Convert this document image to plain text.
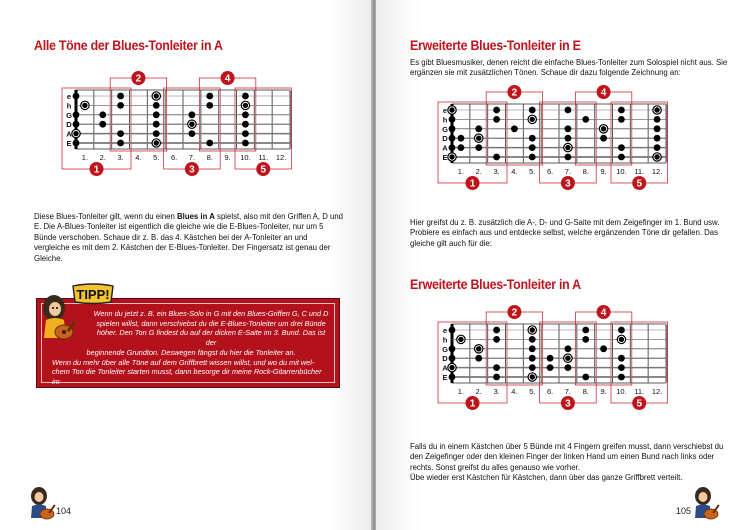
Alle Töne der Blues-Tonleiter in A
1
2
3
4
5
e
h
G
D
A
E
1. 2. 3. 4. 5. 6. 7. 8. 9. 10. 11. 12.

Diese Blues-Tonleiter gilt, wenn du einen Blues in A spielst, also mit den Griffen A, D und E. Die A-Blues-Tonleiter ist eigentlich die gleiche wie die E-Blues-Tonleiter, nur um 5 Bünde verschoben. Schaue dir z. B. das 4. Kästchen bei der A-Tonleiter an und vergleiche es mit dem 2. Kästchen der E-Blues-Tonleiter. Der Fingersatz ist genau der Gleiche.

Wenn du jetzt z. B. ein Blues-Solo in G mit den Blues-Griffen G, C und D
spielen willst, dann verschiebst du die E-Blues-Tonleiter um drei Bünde
höher. Den Ton G findest du auf der dicken E-Saite im 3. Bund. Das ist der
beginnende Grundton. Deswegen fängst du hier die Tonleiter an.
Wenn du mehr über alle Töne auf dem Griffbrett wissen willst, und wo du mit wel-
chem Ton die Tonleiter starten musst, dann besorge dir meine Rock-Gitarrenbücher im
Voggenreiter Verlag.

TIPP!
104
Erweiterte Blues-Tonleiter in E

Es gibt Bluesmusiker, denen reicht die einfache Blues-Tonleiter zum Solospiel nicht aus. Sie ergänzen sie mit zusätzlichen Tönen. Schaue dir dazu folgende Zeichnung an:

1
2
3
4
5
e
h
G
D
A
E
1. 2. 3. 4. 5. 6. 7. 8. 9. 10. 11. 12.

Hier greifst du z. B. zusätzlich die A-, D- und G-Saite mit dem Zeigefinger im 1. Bund usw. Probiere es einfach aus und entdecke selbst, welche ergänzenden Töne dir gefallen. Das gleiche gilt auch für die:

Erweiterte Blues-Tonleiter in A
1
2
3
4
5
e
h
G
D
A
E
1. 2. 3. 4. 5. 6. 7. 8. 9. 10. 11. 12.

Falls du in einem Kästchen über 5 Bünde mit 4 Fingern greifen musst, dann verschiebst du den Zeigefinger oder den kleinen Finger der linken Hand um einen Bund nach links oder rechts. Sonst greifst du alles genauso wie vorher.
Übe wieder erst Kästchen für Kästchen, dann über das ganze Griffbrett verteilt.

105
